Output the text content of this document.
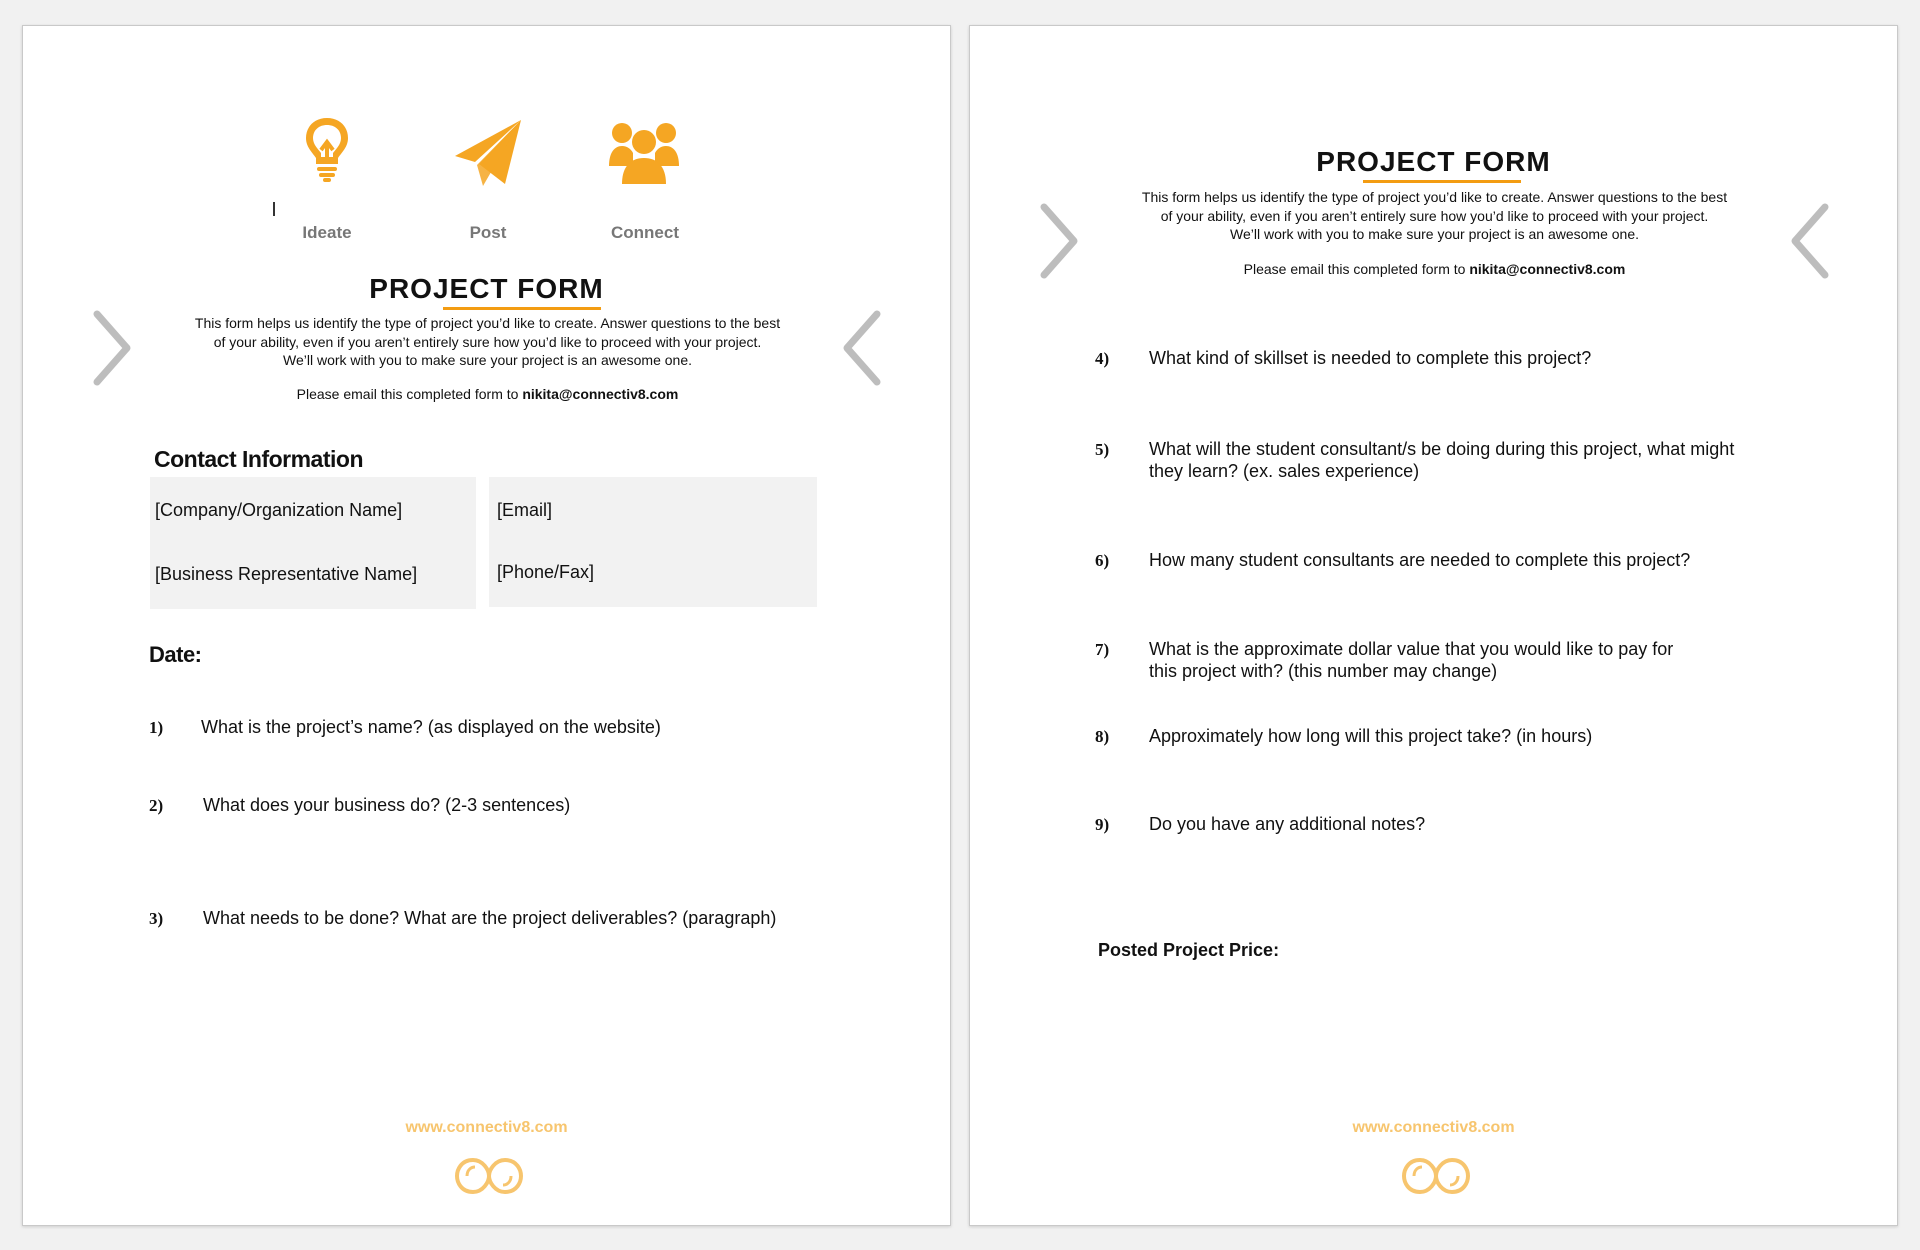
Ideate	Post	Connect
PROJECT FORM
This form helps us identify the type of project you’d like to create. Answer questions to the best
of your ability, even if you aren’t entirely sure how you’d like to proceed with your project.
We’ll work with you to make sure your project is an awesome one.
Please email this completed form to nikita@connectiv8.com
Contact Information
[Company/Organization Name]
[Business Representative Name]
[Email]
[Phone/Fax]
Date:
1) What is the project’s name? (as displayed on the website)
2) What does your business do? (2-3 sentences)
3) What needs to be done? What are the project deliverables? (paragraph)
www.connectiv8.com
PROJECT FORM
This form helps us identify the type of project you’d like to create. Answer questions to the best
of your ability, even if you aren’t entirely sure how you’d like to proceed with your project.
We’ll work with you to make sure your project is an awesome one.
Please email this completed form to nikita@connectiv8.com
4) What kind of skillset is needed to complete this project?
5) What will the student consultant/s be doing during this project, what might
they learn? (ex. sales experience)
6) How many student consultants are needed to complete this project?
7) What is the approximate dollar value that you would like to pay for
this project with? (this number may change)
8) Approximately how long will this project take? (in hours)
9) Do you have any additional notes?
Posted Project Price:
www.connectiv8.com
